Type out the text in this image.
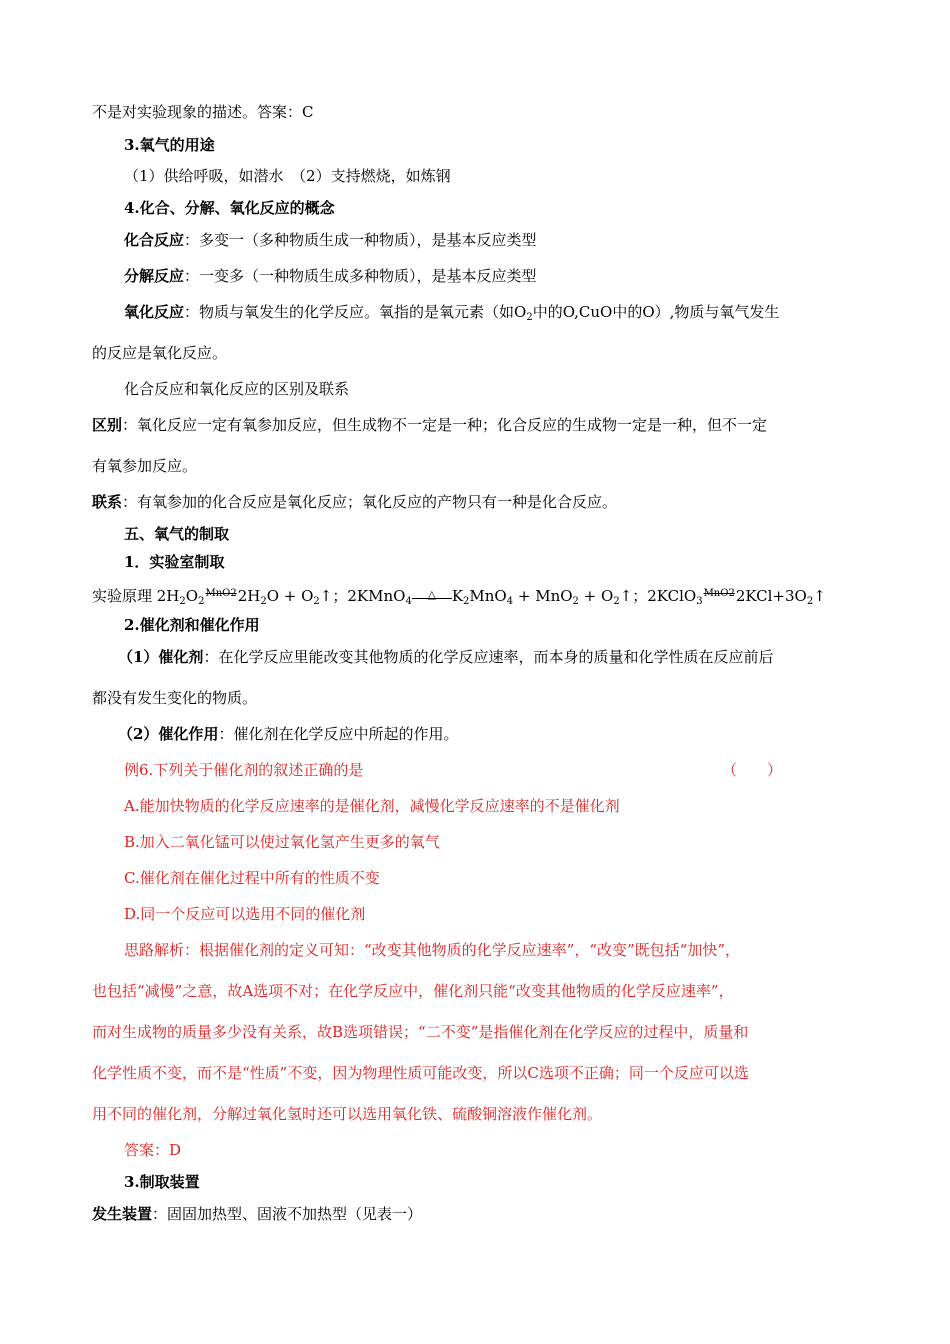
不是对实验现象的描述。答案：C
3.氧气的用途
（1）供给呼吸，如潜水　（2）支持燃烧，如炼钢
4.化合、分解、氧化反应的概念
化合反应：多变一（多种物质生成一种物质），是基本反应类型
分解反应：一变多（一种物质生成多种物质），是基本反应类型
氧化反应：物质与氧发生的化学反应。氧指的是氧元素（如$O_2$中的O,CuO中的O）,物质与氧气发生
的反应是氧化反应。
化合反应和氧化反应的区别及联系
区别：氧化反应一定有氧参加反应，但生成物不一定是一种；化合反应的生成物一定是一种，但不一定
有氧参加反应。
联系：有氧参加的化合反应是氧化反应；氧化反应的产物只有一种是化合反应。
五、氧气的制取
1．实验室制取
实验原理 $2H_2O_2MnO22H_2O$ + $O_2↑$；2KMnO$_4$
△	$K_2MnO_4 + MnO_2$ + $O_2↑$；$2KClO_3MnO22KCl+3O_2↑$
2.催化剂和催化作用
（1）催化剂：在化学反应里能改变其他物质的化学反应速率，而本身的质量和化学性质在反应前后
都没有发生变化的物质。
（2）催化作用：催化剂在化学反应中所起的作用。
例6.下列关于催化剂的叙述正确的是	（　　）
A.能加快物质的化学反应速率的是催化剂，减慢化学反应速率的不是催化剂
B.加入二氧化锰可以使过氧化氢产生更多的氧气
C.催化剂在催化过程中所有的性质不变
D.同一个反应可以选用不同的催化剂
思路解析：根据催化剂的定义可知：“改变其他物质的化学反应速率”，“改变”既包括“加快”，
也包括“减慢”之意，故A选项不对；在化学反应中，催化剂只能“改变其他物质的化学反应速率”，
而对生成物的质量多少没有关系，故B选项错误；“二不变”是指催化剂在化学反应的过程中，质量和
化学性质不变，而不是“性质”不变，因为物理性质可能改变，所以C选项不正确；同一个反应可以选
用不同的催化剂，分解过氧化氢时还可以选用氧化铁、硫酸铜溶液作催化剂。
答案：D
3.制取装置
发生装置：固固加热型、固液不加热型（见表一）
